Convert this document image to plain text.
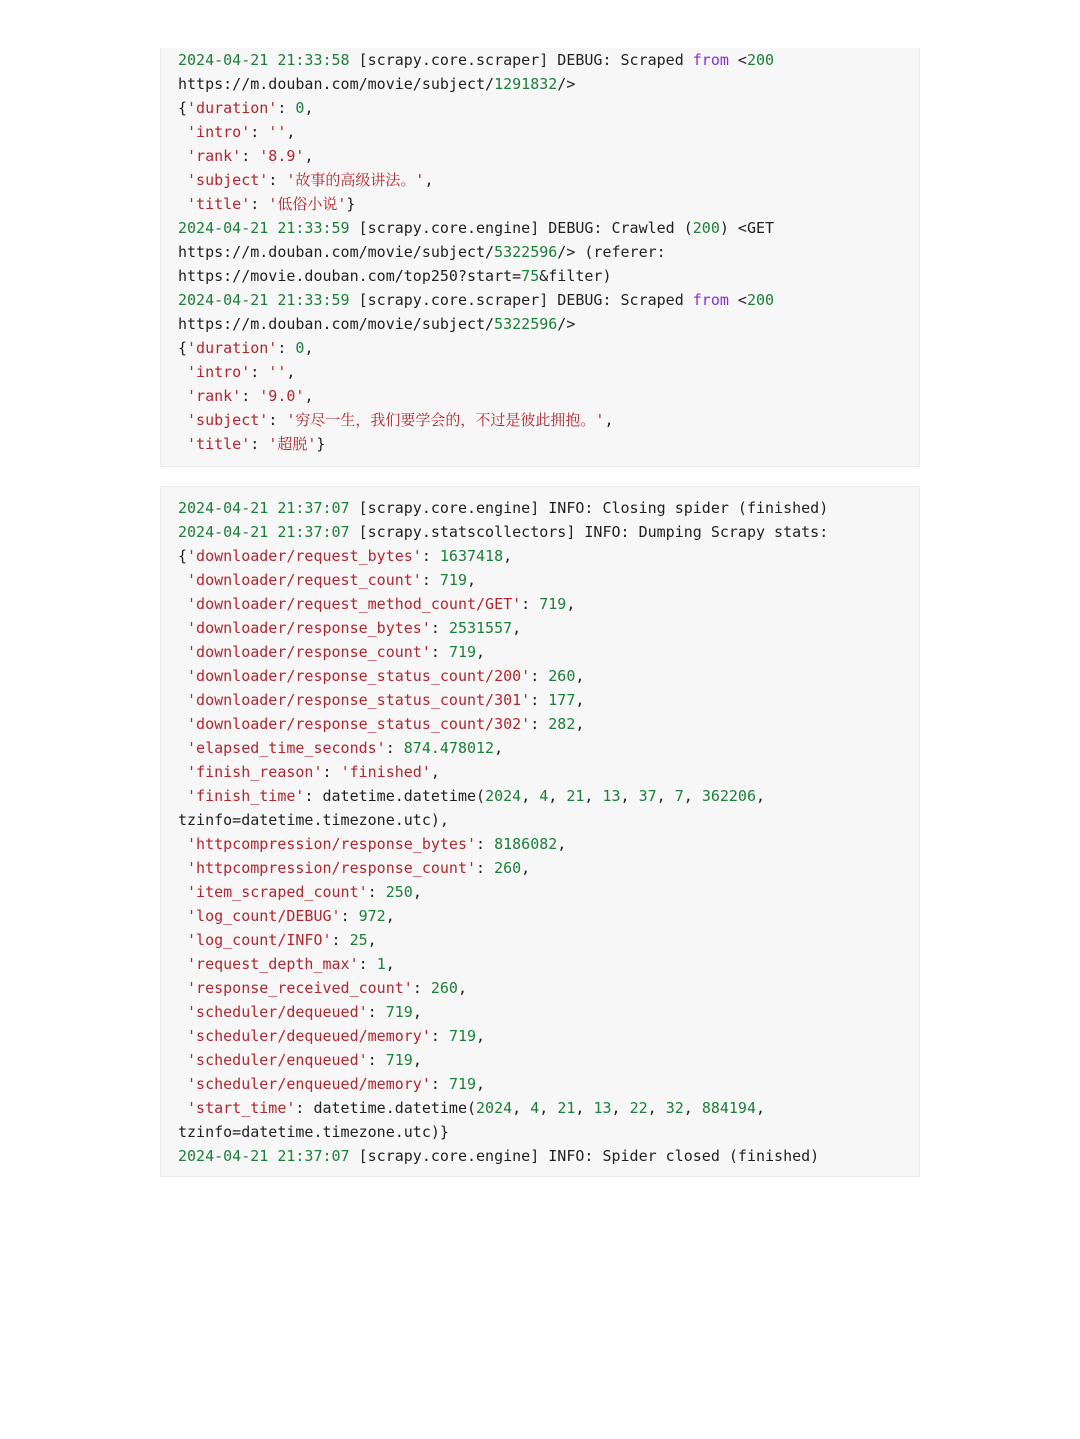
2024-04-21 21:33:58 [scrapy.core.scraper] DEBUG: Scraped from <200
https://m.douban.com/movie/subject/1291832/>
{'duration': 0,
'intro': '',
'rank': '8.9',
'subject': '故事的高级讲法。',
'title': '低俗小说'}
2024-04-21 21:33:59 [scrapy.core.engine] DEBUG: Crawled (200) <GET
https://m.douban.com/movie/subject/5322596/> (referer:
https://movie.douban.com/top250?start=75&filter)
2024-04-21 21:33:59 [scrapy.core.scraper] DEBUG: Scraped from <200
https://m.douban.com/movie/subject/5322596/>
{'duration': 0,
'intro': '',
'rank': '9.0',
'subject': '穷尽一生，我们要学会的，不过是彼此拥抱。',
'title': '超脱'}
2024-04-21 21:37:07 [scrapy.core.engine] INFO: Closing spider (finished)
2024-04-21 21:37:07 [scrapy.statscollectors] INFO: Dumping Scrapy stats:
{'downloader/request_bytes': 1637418,
'downloader/request_count': 719,
'downloader/request_method_count/GET': 719,
'downloader/response_bytes': 2531557,
'downloader/response_count': 719,
'downloader/response_status_count/200': 260,
'downloader/response_status_count/301': 177,
'downloader/response_status_count/302': 282,
'elapsed_time_seconds': 874.478012,
'finish_reason': 'finished',
'finish_time': datetime.datetime(2024, 4, 21, 13, 37, 7, 362206,
tzinfo=datetime.timezone.utc),
'httpcompression/response_bytes': 8186082,
'httpcompression/response_count': 260,
'item_scraped_count': 250,
'log_count/DEBUG': 972,
'log_count/INFO': 25,
'request_depth_max': 1,
'response_received_count': 260,
'scheduler/dequeued': 719,
'scheduler/dequeued/memory': 719,
'scheduler/enqueued': 719,
'scheduler/enqueued/memory': 719,
'start_time': datetime.datetime(2024, 4, 21, 13, 22, 32, 884194,
tzinfo=datetime.timezone.utc)}
2024-04-21 21:37:07 [scrapy.core.engine] INFO: Spider closed (finished)
